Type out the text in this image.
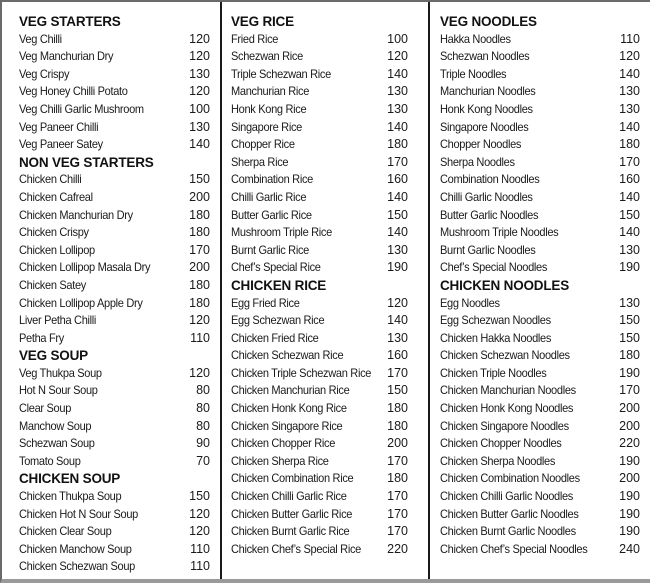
VEG STARTERS
Veg Chilli	120
Veg Manchurian Dry	120
Veg Crispy	130
Veg Honey Chilli Potato	120
Veg Chilli Garlic Mushroom	100
Veg Paneer Chilli	130
Veg Paneer Satey	140
NON VEG STARTERS
Chicken Chilli	150
Chicken Cafreal	200
Chicken Manchurian Dry	180
Chicken Crispy	180
Chicken Lollipop	170
Chicken Lollipop Masala Dry	200
Chicken Satey	180
Chicken Lollipop Apple Dry	180
Liver Petha Chilli	120
Petha Fry	110
VEG SOUP
Veg Thukpa Soup	120
Hot N Sour Soup	80
Clear Soup	80
Manchow Soup	80
Schezwan Soup	90
Tomato Soup	70
CHICKEN SOUP
Chicken Thukpa Soup	150
Chicken Hot N Sour Soup	120
Chicken Clear Soup	120
Chicken Manchow Soup	110
Chicken Schezwan Soup	110
VEG RICE
Fried Rice	100
Schezwan Rice	120
Triple Schezwan Rice	140
Manchurian Rice	130
Honk Kong Rice	130
Singapore Rice	140
Chopper Rice	180
Sherpa Rice	170
Combination Rice	160
Chilli Garlic Rice	140
Butter Garlic Rice	150
Mushroom Triple Rice	140
Burnt Garlic Rice	130
Chef’s Special Rice	190
CHICKEN RICE
Egg Fried Rice	120
Egg Schezwan Rice	140
Chicken Fried Rice	130
Chicken Schezwan Rice	160
Chicken Triple Schezwan Rice 170
Chicken Manchurian Rice	150
Chicken Honk Kong Rice	180
Chicken Singapore Rice	180
Chicken Chopper Rice	200
Chicken Sherpa Rice	170
Chicken Combination Rice	180
Chicken Chilli Garlic Rice	170
Chicken Butter Garlic Rice	170
Chicken Burnt Garlic Rice	170
Chicken Chef’s Special Rice 220
VEG NOODLES
Hakka Noodles	110
Schezwan Noodles	120
Triple Noodles	140
Manchurian Noodles	130
Honk Kong Noodles	130
Singapore Noodles	140
Chopper Noodles	180
Sherpa Noodles	170
Combination Noodles	160
Chilli Garlic Noodles	140
Butter Garlic Noodles	150
Mushroom Triple Noodles	140
Burnt Garlic Noodles	130
Chef’s Special Noodles	190
CHICKEN NOODLES
Egg Noodles	130
Egg Schezwan Noodles	150
Chicken Hakka Noodles	150
Chicken Schezwan Noodles	180
Chicken Triple Noodles	190
Chicken Manchurian Noodles	170
Chicken Honk Kong Noodles	200
Chicken Singapore Noodles	200
Chicken Chopper Noodles	220
Chicken Sherpa Noodles	190
Chicken Combination Noodles	200
Chicken Chilli Garlic Noodles	190
Chicken Butter Garlic Noodles	190
Chicken Burnt Garlic Noodles	190
Chicken Chef’s Special Noodles	240
